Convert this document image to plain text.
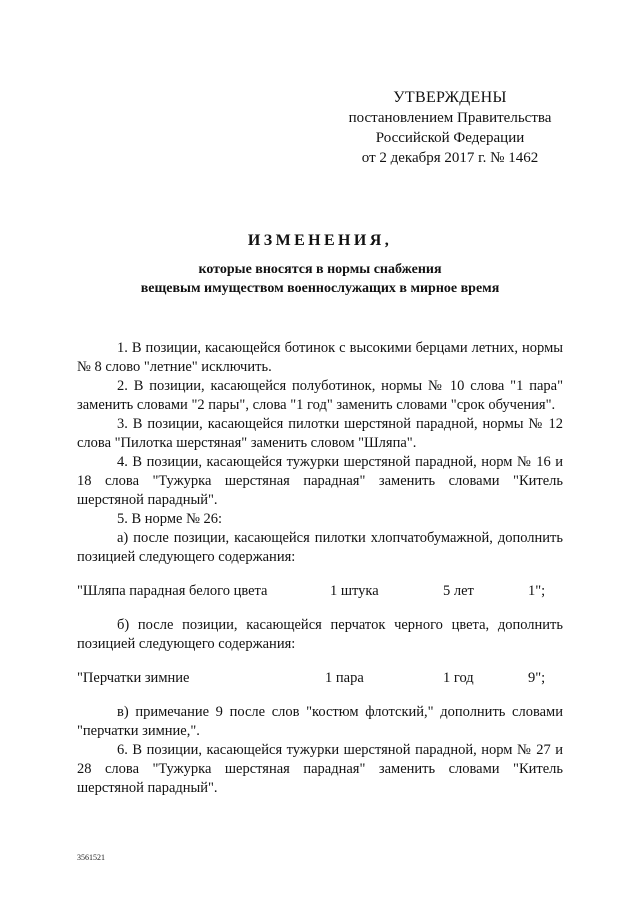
УТВЕРЖДЕНЫ
постановлением Правительства
Российской Федерации
от 2 декабря 2017 г. № 1462
ИЗМЕНЕНИЯ,
которые вносятся в нормы снабжения
вещевым имуществом военнослужащих в мирное время

1. В позиции, касающейся ботинок с высокими берцами летних, нормы № 8 слово "летние" исключить.

2. В позиции, касающейся полуботинок, нормы № 10 слова "1 пара" заменить словами "2 пары", слова "1 год" заменить словами "срок обучения".

3. В позиции, касающейся пилотки шерстяной парадной, нормы № 12 слова "Пилотка шерстяная" заменить словом "Шляпа".

4. В позиции, касающейся тужурки шерстяной парадной, норм № 16 и 18 слова "Тужурка шерстяная парадная" заменить словами "Китель шерстяной парадный".

5. В норме № 26:

а) после позиции, касающейся пилотки хлопчатобумажной, дополнить позицией следующего содержания:

"Шляпа парадная белого цвета	1 штука	5 лет	1";

б) после позиции, касающейся перчаток черного цвета, дополнить позицией следующего содержания:

"Перчатки зимние	1 пара	1 год	9";

в) примечание 9 после слов "костюм флотский," дополнить словами "перчатки зимние,".

6. В позиции, касающейся тужурки шерстяной парадной, норм № 27 и 28 слова "Тужурка шерстяная парадная" заменить словами "Китель шерстяной парадный".

3561521
